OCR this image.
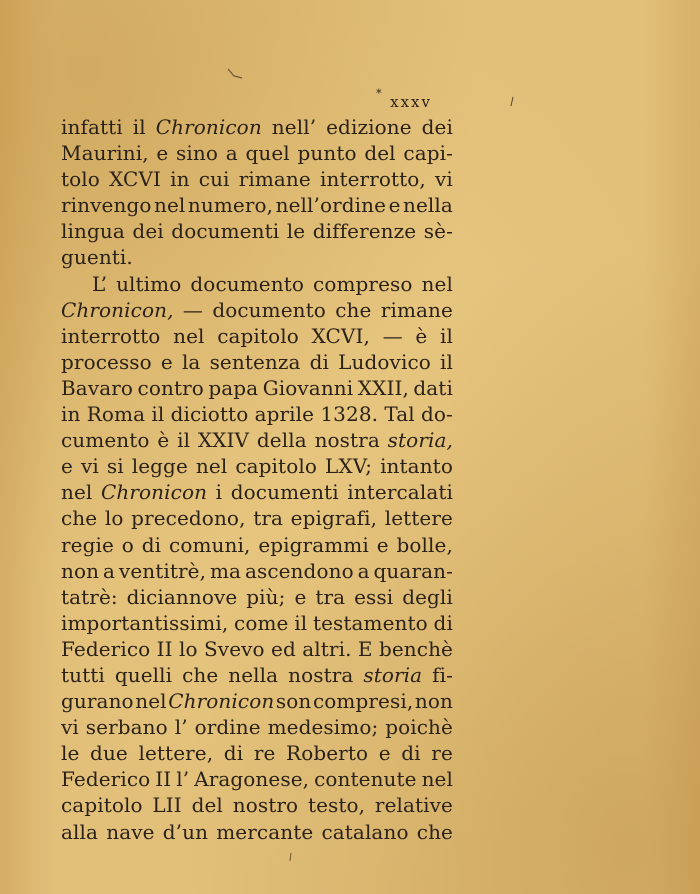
* xxxv
infatti il Chronicon nell’ edizione dei
Maurini, e sino a quel punto del capi-
tolo XCVI in cui rimane interrotto, vi
rinvengo nel numero, nell’ordine e nella
lingua dei documenti le differenze sè-
guenti.
L’ ultimo documento compreso nel
Chronicon, — documento che rimane
interrotto nel capitolo XCVI, — è il
processo e la sentenza di Ludovico il
Bavaro contro papa Giovanni XXII, dati
in Roma il diciotto aprile 1328. Tal do-
cumento è il XXIV della nostra storia,
e vi si legge nel capitolo LXV; intanto
nel Chronicon i documenti intercalati
che lo precedono, tra epigrafi, lettere
regie o di comuni, epigrammi e bolle,
non a ventitrè, ma ascendono a quaran-
tatrè: diciannove più; e tra essi degli
importantissimi, come il testamento di
Federico II lo Svevo ed altri. E benchè
tutti quelli che nella nostra storia fi-
gurano nel Chronicon son compresi, non
vi serbano l’ ordine medesimo; poichè
le due lettere, di re Roberto e di re
Federico II l’ Aragonese, contenute nel
capitolo LII del nostro testo, relative
alla nave d’un mercante catalano che
